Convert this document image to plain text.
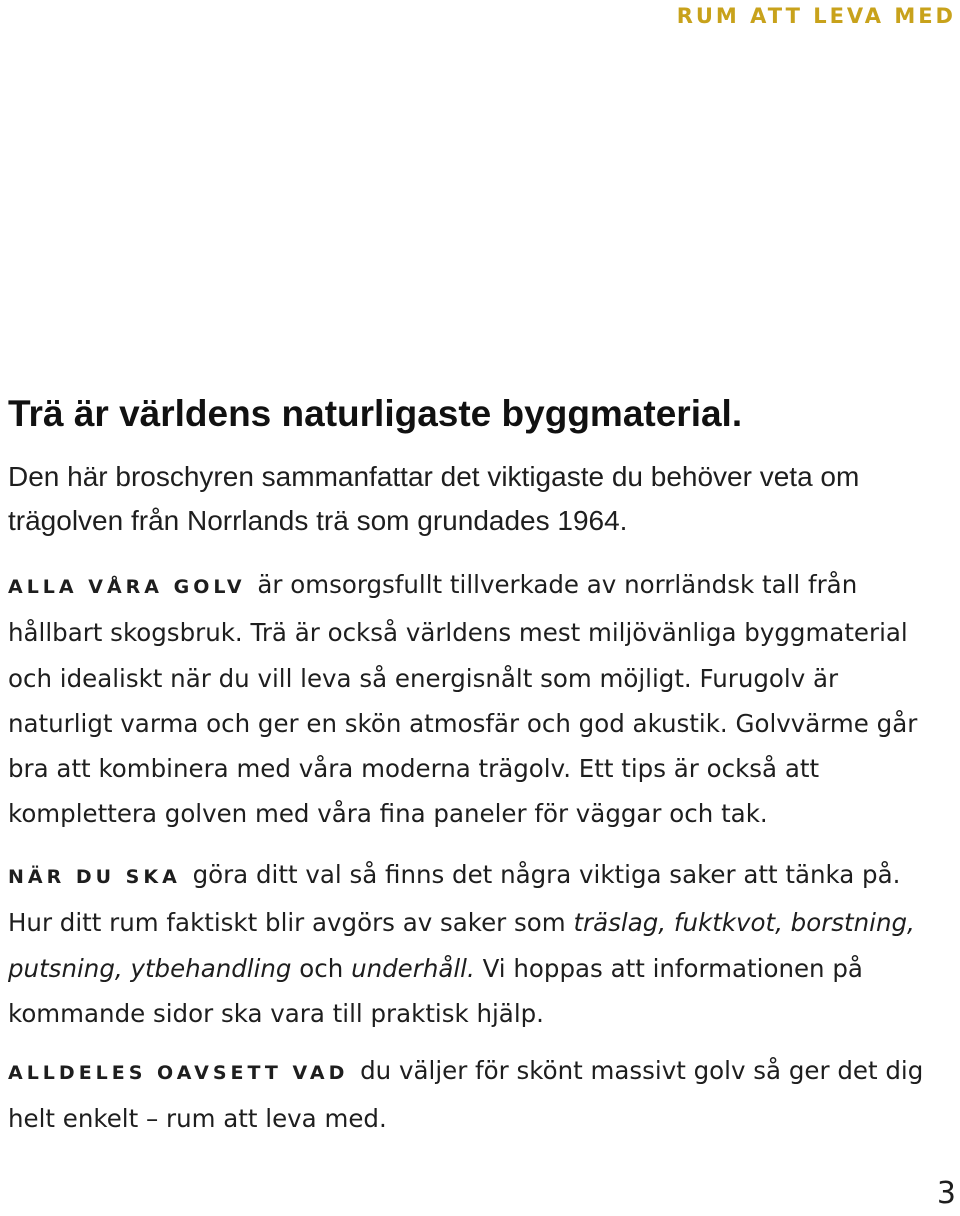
RUM ATT LEVA MED
Trä är världens naturligaste byggmaterial.

Den här broschyren sammanfattar det viktigaste du behöver veta om trägolven från Norrlands trä som grundades 1964.

ALLA VÅRA GOLV är omsorgsfullt tillverkade av norrländsk tall från hållbart skogsbruk. Trä är också världens mest miljövänliga byggmaterial och idealiskt när du vill leva så energisnålt som möjligt. Furugolv är naturligt varma och ger en skön atmosfär och god akustik. Golvvärme går bra att kombinera med våra moderna trägolv. Ett tips är också att komplettera golven med våra fina paneler för väggar och tak.

NÄR DU SKA göra ditt val så finns det några viktiga saker att tänka på. Hur ditt rum faktiskt blir avgörs av saker som träslag, fuktkvot, borstning, putsning, ytbehandling och underhåll. Vi hoppas att informationen på kommande sidor ska vara till praktisk hjälp.

ALLDELES OAVSETT VAD du väljer för skönt massivt golv så ger det dig helt enkelt – rum att leva med.

3
